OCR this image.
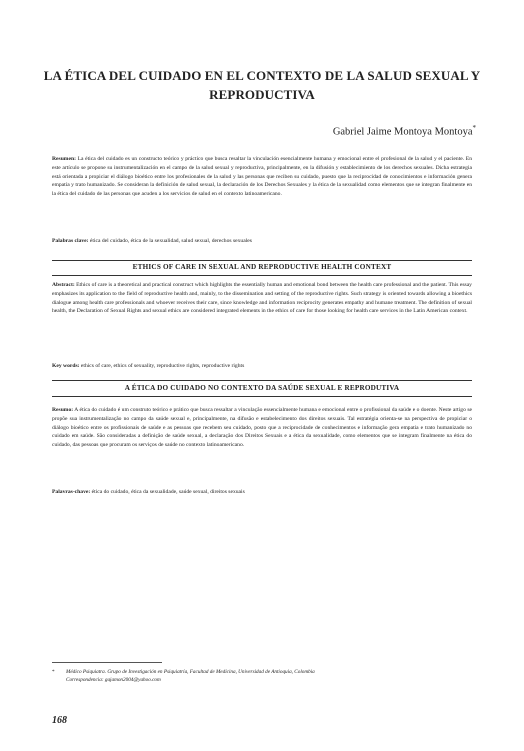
LA ÉTICA DEL CUIDADO EN EL CONTEXTO DE LA SALUD SEXUAL Y REPRODUCTIVA
Gabriel Jaime Montoya Montoya*
Resumen: La ética del cuidado es un constructo teórico y práctico que busca resaltar la vinculación esencialmente humana y emocional entre el profesional de la salud y el paciente. En este artículo se propone su instrumentalización en el campo de la salud sexual y reproductiva, principalmente, en la difusión y establecimiento de los derechos sexuales. Dicha estrategia está orientada a propiciar el diálogo bioético entre los profesionales de la salud y las personas que reciben su cuidado, puesto que la reciprocidad de conocimientos e información genera empatía y trato humanizado. Se consideran la definición de salud sexual, la declaración de los Derechos Sexuales y la ética de la sexualidad como elementos que se integran finalmente en la ética del cuidado de las personas que acuden a los servicios de salud en el contexto latinoamericano.
Palabras clave: ética del cuidado, ética de la sexualidad, salud sexual, derechos sexuales
ETHICS OF CARE IN SEXUAL AND REPRODUCTIVE HEALTH CONTEXT
Abstract: Ethics of care is a theoretical and practical construct which highlights the essentially human and emotional bond between the health care professional and the patient. This essay emphasizes its application to the field of reproductive health and, mainly, to the dissemination and setting of the reproductive rights. Such strategy is oriented towards allowing a bioethics dialogue among health care professionals and whoever receives their care, since knowledge and information reciprocity generates empathy and humane treatment. The definition of sexual health, the Declaration of Sexual Rights and sexual ethics are considered integrated elements in the ethics of care for those looking for health care services in the Latin American context.
Key words: ethics of care, ethics of sexuality, reproductive rights, reproductive rights
A ÉTICA DO CUIDADO NO CONTEXTO DA SAÚDE SEXUAL E REPRODUTIVA
Resumo: A ética do cuidado é um construto teórico e prático que busca ressaltar a vinculação essencialmente humana e emocional entre o profissional da saúde e o doente. Neste artigo se propõe sua instrumentalização no campo da saúde sexual e, principalmente, na difusão e estabelecimento dos direitos sexuais. Tal estratégia orienta-se na perspectiva de propiciar o diálogo bioético entre os profissionais de saúde e as pessoas que recebem seu cuidado, posto que a reciprocidade de conhecimentos e informação gera empatia e trato humanizado no cuidado em saúde. São consideradas a definição de saúde sexual, a declaração dos Direitos Sexuais e a ética da sexualidade, como elementos que se integram finalmente na ética do cuidado, das pessoas que procuram os serviços de saúde no contexto latinoamericano.
Palavras-chave: ética do cuidado, ética da sexualidade, saúde sexual, direitos sexuais
* Médico Psiquiatra. Grupo de Investigación en Psiquiatría, Facultad de Medicina, Universidad de Antioquia, Colombia
Correspondencia: gajamon2004@yahoo.com
168
